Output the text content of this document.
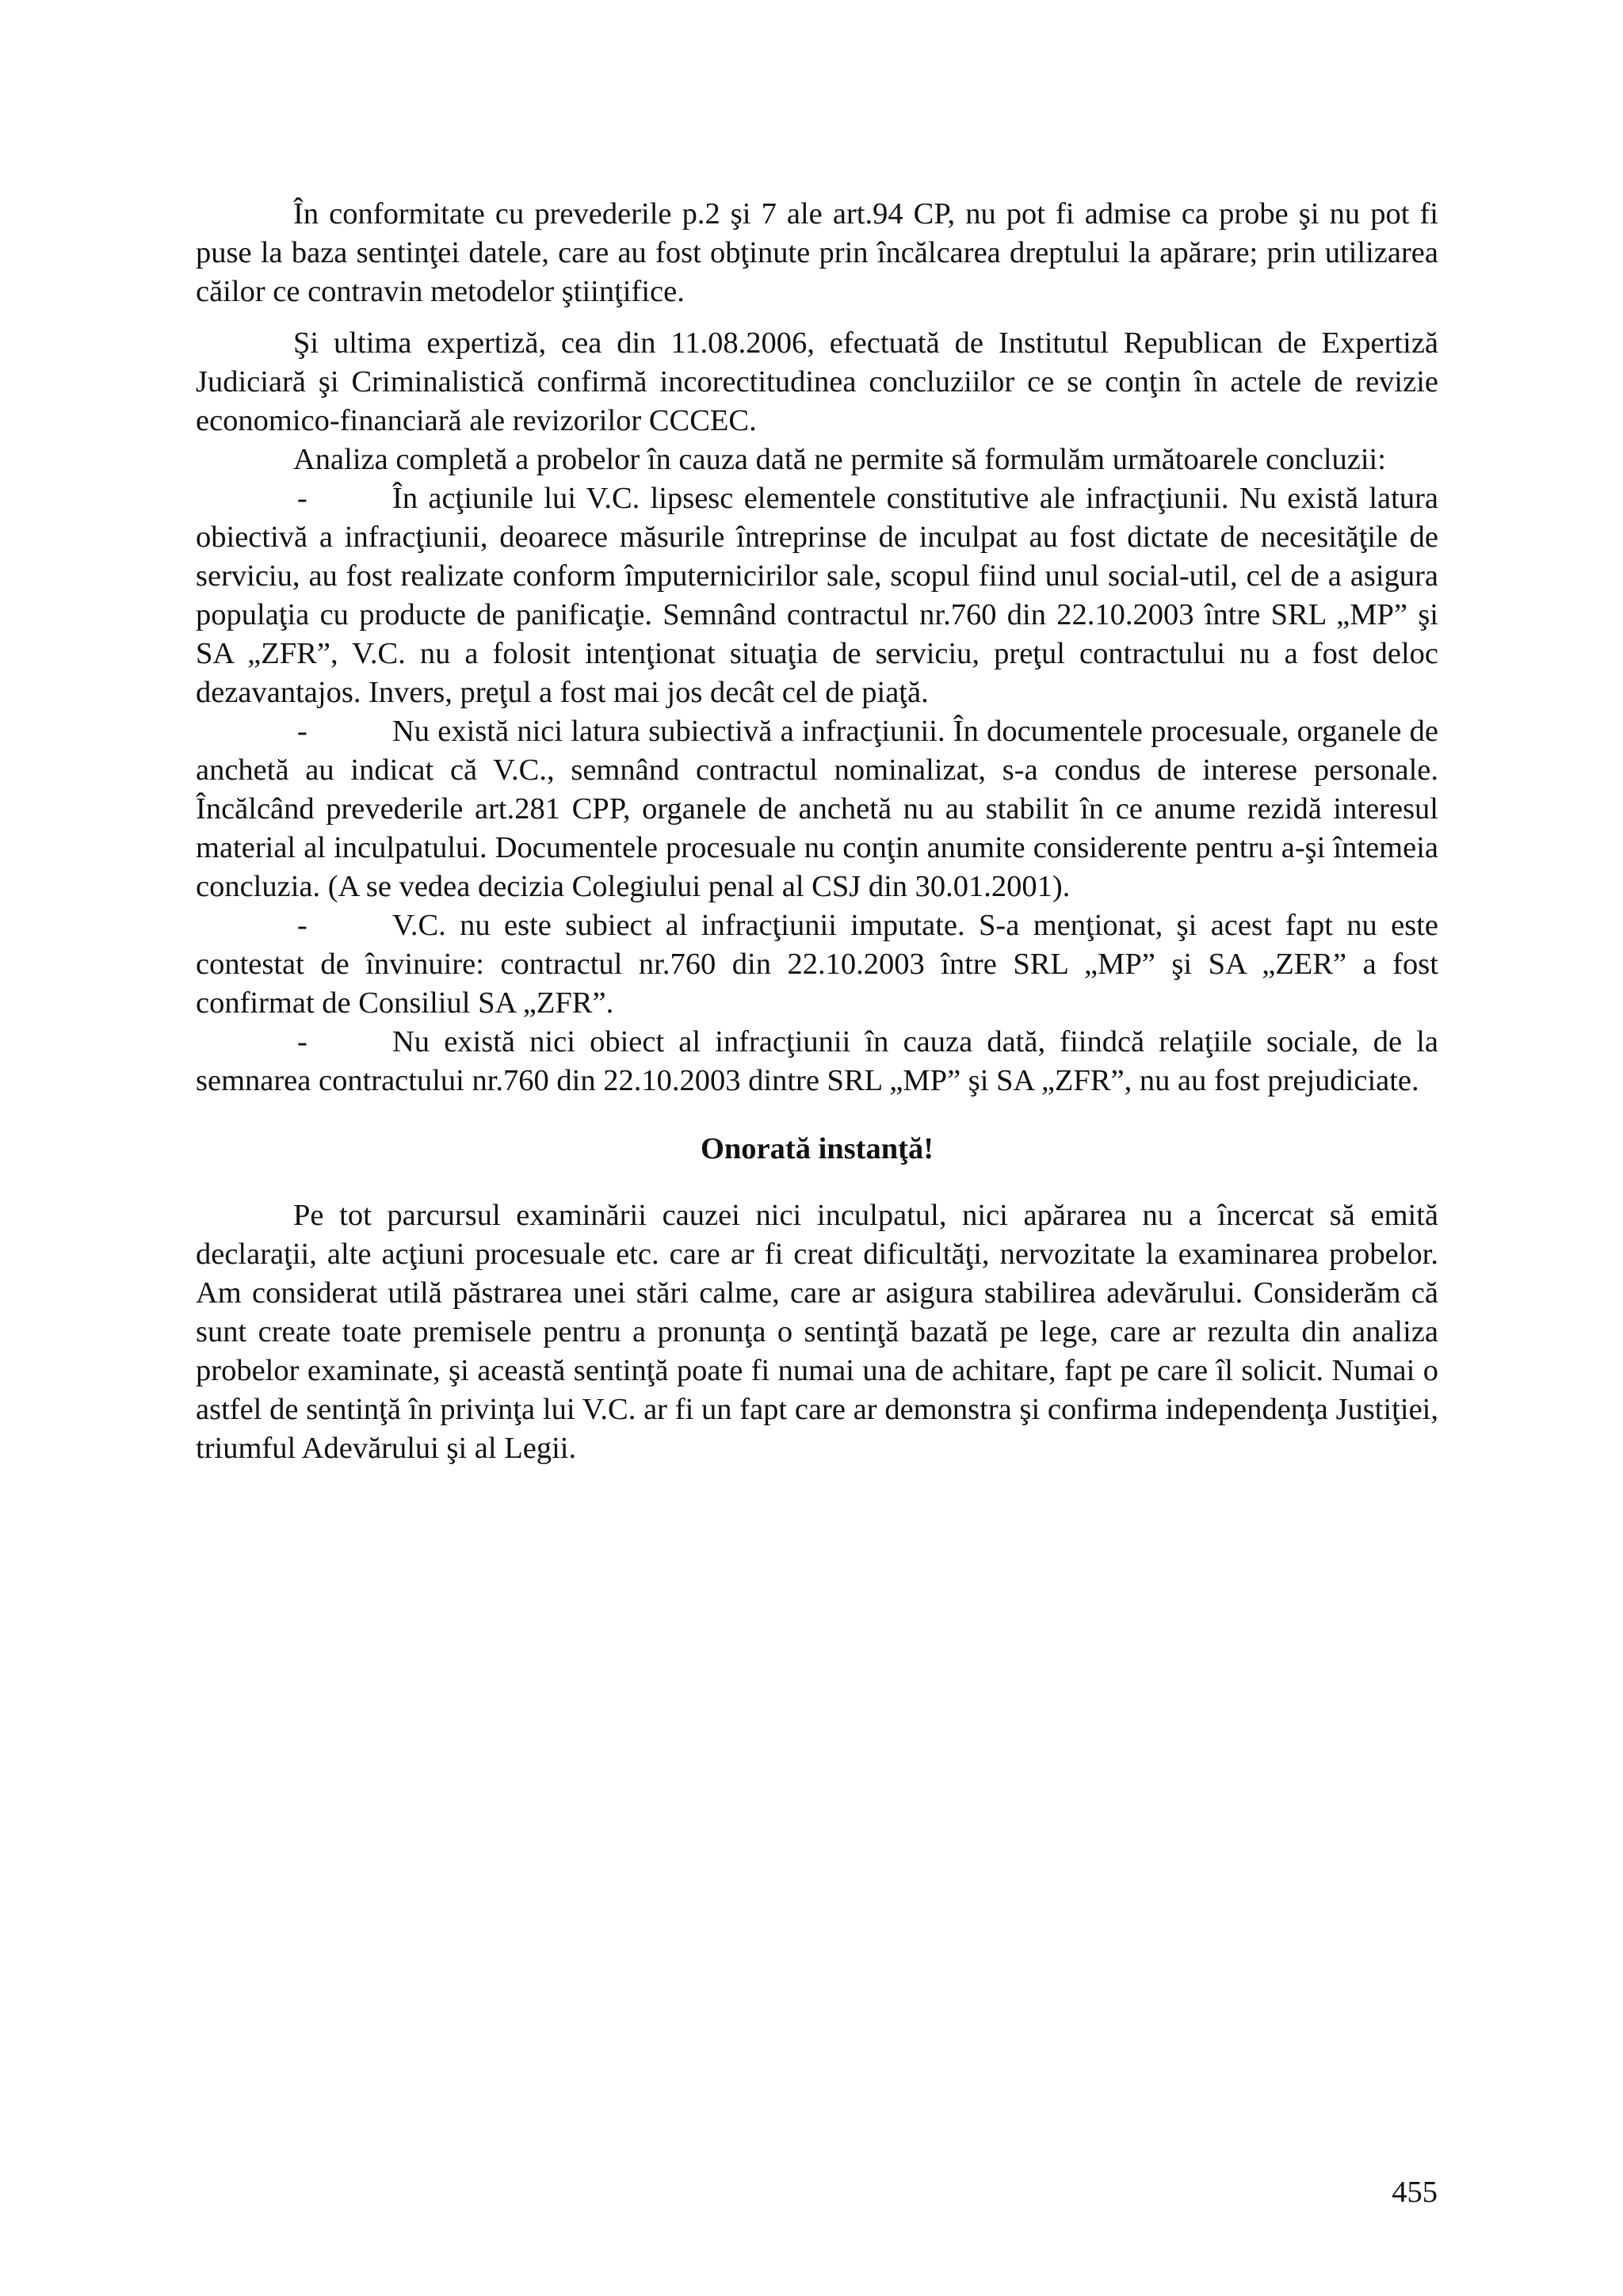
În conformitate cu prevederile p.2 şi 7 ale art.94 CP, nu pot fi admise ca probe şi nu pot fi puse la baza sentinţei datele, care au fost obţinute prin încălcarea dreptului la apărare; prin utilizarea căilor ce contravin metodelor ştiinţifice.

Şi ultima expertiză, cea din 11.08.2006, efectuată de Institutul Republican de Expertiză Judiciară şi Criminalistică confirmă incorectitudinea concluziilor ce se conţin în actele de revizie economico-financiară ale revizorilor CCCEC.

Analiza completă a probelor în cauza dată ne permite să formulăm următoarele concluzii:

-	În acţiunile lui V.C. lipsesc elementele constitutive ale infracţiunii. Nu există latura obiectivă a infracţiunii, deoarece măsurile întreprinse de inculpat au fost dictate de necesităţile de serviciu, au fost realizate conform împuternicirilor sale, scopul fiind unul social-util, cel de a asigura populaţia cu producte de panificaţie. Semnând contractul nr.760 din 22.10.2003 între SRL „MP” şi SA „ZFR”, V.C. nu a folosit intenţionat situaţia de serviciu, preţul contractului nu a fost deloc dezavantajos. Invers, preţul a fost mai jos decât cel de piaţă.

-	Nu există nici latura subiectivă a infracţiunii. În documentele procesuale, organele de anchetă au indicat că V.C., semnând contractul nominalizat, s-a condus de interese personale. Încălcând prevederile art.281 CPP, organele de anchetă nu au stabilit în ce anume rezidă interesul material al inculpatului. Documentele procesuale nu conţin anumite considerente pentru a-şi întemeia concluzia. (A se vedea decizia Colegiului penal al CSJ din 30.01.2001).

-	V.C. nu este subiect al infracţiunii imputate. S-a menţionat, şi acest fapt nu este contestat de învinuire: contractul nr.760 din 22.10.2003 între SRL „MP” şi SA „ZER” a fost confirmat de Consiliul SA „ZFR”.

-	Nu există nici obiect al infracţiunii în cauza dată, fiindcă relaţiile sociale, de la semnarea contractului nr.760 din 22.10.2003 dintre SRL „MP” şi SA „ZFR”, nu au fost prejudiciate.

Onorată instanţă!

Pe tot parcursul examinării cauzei nici inculpatul, nici apărarea nu a încercat să emită declaraţii, alte acţiuni procesuale etc. care ar fi creat dificultăţi, nervozitate la examinarea probelor. Am considerat utilă păstrarea unei stări calme, care ar asigura stabilirea adevărului. Considerăm că sunt create toate premisele pentru a pronunţa o sentinţă bazată pe lege, care ar rezulta din analiza probelor examinate, şi această sentinţă poate fi numai una de achitare, fapt pe care îl solicit. Numai o astfel de sentinţă în privinţa lui V.C. ar fi un fapt care ar demonstra şi confirma independenţa Justiţiei, triumful Adevărului şi al Legii.

455
